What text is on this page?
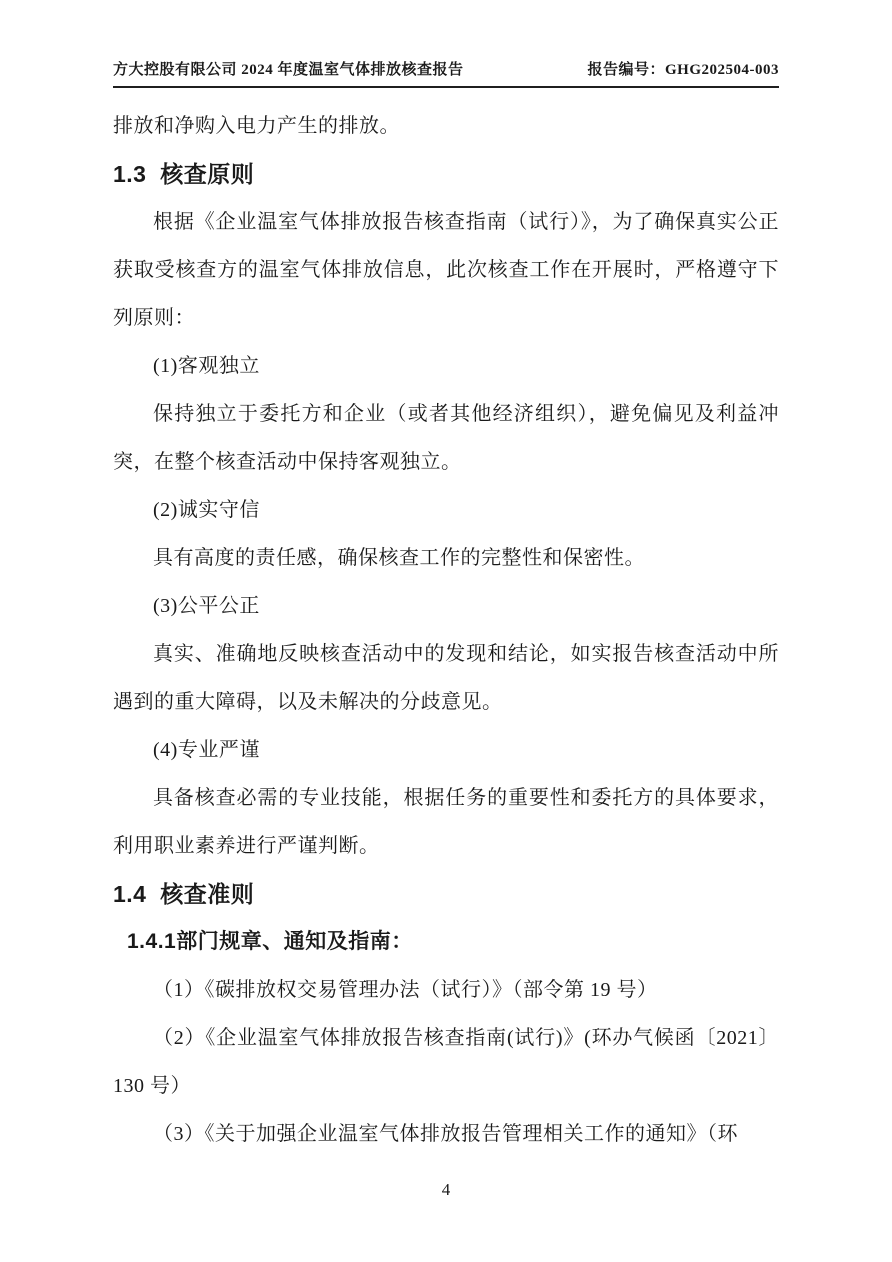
方大控股有限公司 2024 年度温室气体排放核查报告	报告编号：GHG202504-003

排放和净购入电力产生的排放。

1.3  核查原则

根据《企业温室气体排放报告核查指南（试行）》，为了确保真实公正获取受核查方的温室气体排放信息，此次核查工作在开展时，严格遵守下列原则：

(1)客观独立

保持独立于委托方和企业（或者其他经济组织），避免偏见及利益冲突，在整个核查活动中保持客观独立。

(2)诚实守信

具有高度的责任感，确保核查工作的完整性和保密性。

(3)公平公正

真实、准确地反映核查活动中的发现和结论，如实报告核查活动中所遇到的重大障碍，以及未解决的分歧意见。

(4)专业严谨

具备核查必需的专业技能，根据任务的重要性和委托方的具体要求，利用职业素养进行严谨判断。

1.4  核查准则
1.4.1部门规章、通知及指南：

（1）《碳排放权交易管理办法（试行）》（部令第 19 号）

（2）《企业温室气体排放报告核查指南(试行)》(环办气候函〔2021〕130 号）

（3）《关于加强企业温室气体排放报告管理相关工作的通知》（环

4
